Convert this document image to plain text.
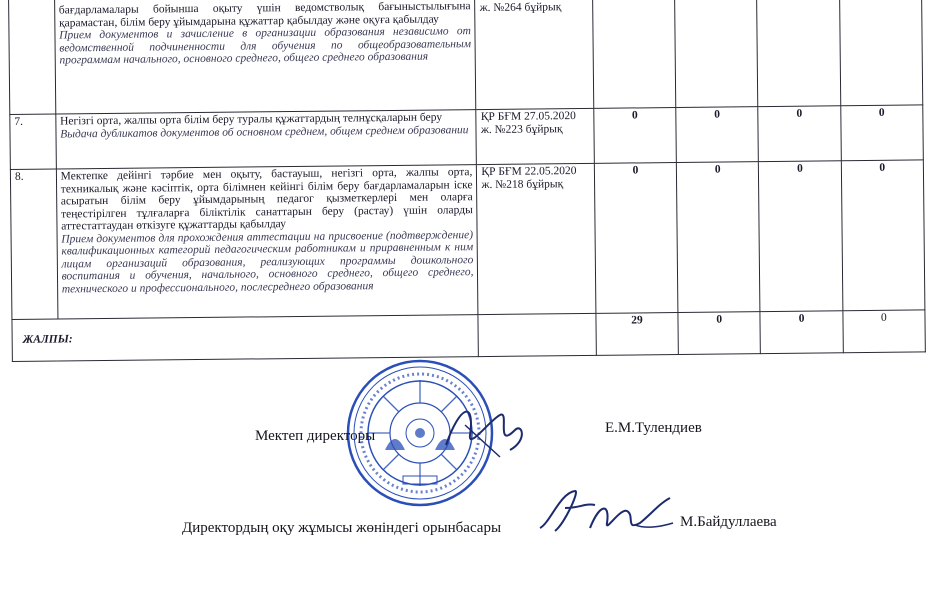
	бағдарламалары бойынша оқыту үшін ведомстволық бағыныстылығына қарамастан, білім беру ұйымдарына құжаттар қабылдау және оқуға қабылдау
Прием документов и зачисление в организации образования независимо от ведомственной подчиненности для обучения по общеобразовательным программам начального, основного среднего, общего среднего образования	ж. №264 бұйрық				
7.	Негізгі орта, жалпы орта білім беру туралы құжаттардың телнұсқаларын беру
Выдача дубликатов документов об основном среднем, общем среднем образовании	ҚР БҒМ 27.05.2020 ж. №223 бұйрық	0	0	0	0
8.	Мектепке дейінгі тәрбие мен оқыту, бастауыш, негізгі орта, жалпы орта, техникалық және кәсіптік, орта білімнен кейінгі білім беру бағдарламаларын іске асыратын білім беру ұйымдарының педагог қызметкерлері мен оларға теңестірілген тұлғаларға біліктілік санаттарын беру (растау) үшін оларды аттестаттаудан өткізуге құжаттарды қабылдау
Прием документов для прохождения аттестации на присвоение (подтверждение) квалификационных категорий педагогическим работникам и приравненным к ним лицам организаций образования, реализующих программы дошкольного воспитания и обучения, начального, основного среднего, общего среднего, технического и профессионального, послесреднего образования	ҚР БҒМ 22.05.2020 ж. №218 бұйрық	0	0	0	0
ЖАЛПЫ:			29	0	0	0
Мектеп директоры	Е.М.Тулендиев
Директордың оқу жұмысы жөніндегі орынбасары	М.Байдуллаева
